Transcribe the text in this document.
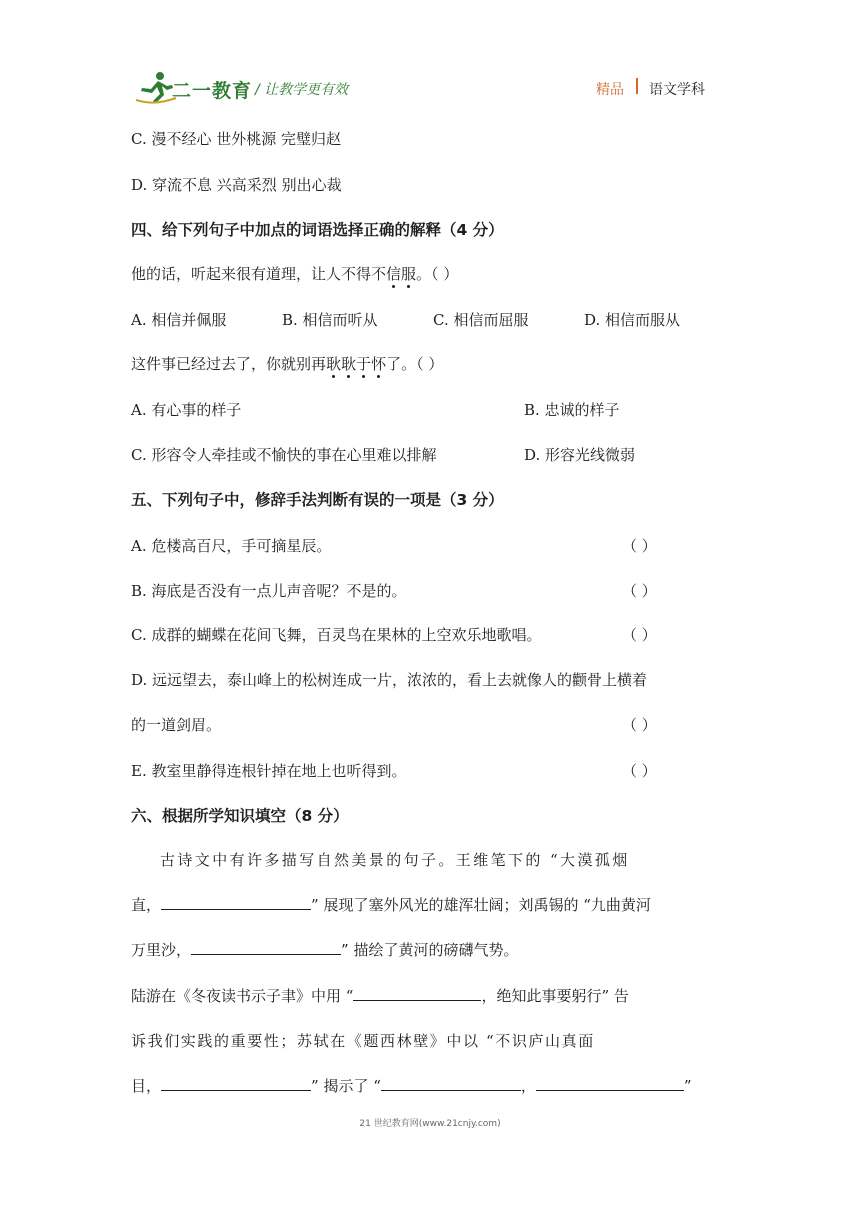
二一教育 / 让教学更有效	精品 语文学科
C. 漫不经心 世外桃源 完璧归赵
D. 穿流不息 兴高采烈 别出心裁
四、给下列句子中加点的词语选择正确的解释（4 分）
他的话，听起来很有道理，让人不得不信服。（ ）
A. 相信并佩服	B. 相信而听从	C. 相信而屈服	D. 相信而服从
这件事已经过去了，你就别再耿耿于怀了。（ ）
A. 有心事的样子	B. 忠诚的样子
C. 形容令人牵挂或不愉快的事在心里难以排解	D. 形容光线微弱
五、下列句子中，修辞手法判断有误的一项是（3 分）
A. 危楼高百尺，手可摘星辰。	（ ）
B. 海底是否没有一点儿声音呢？不是的。	（ ）
C. 成群的蝴蝶在花间飞舞，百灵鸟在果林的上空欢乐地歌唱。	（ ）
D. 远远望去，泰山峰上的松树连成一片，浓浓的，看上去就像人的颧骨上横着
的一道剑眉。	（ ）
E. 教室里静得连根针掉在地上也听得到。	（ ）
六、根据所学知识填空（8 分）
古诗文中有许多描写自然美景的句子。王维笔下的 “大漠孤烟
直，	” 展现了塞外风光的雄浑壮阔；刘禹锡的 “九曲黄河
万里沙，	” 描绘了黄河的磅礴气势。
陆游在《冬夜读书示子聿》中用 “	，绝知此事要躬行” 告
诉我们实践的重要性；苏轼在《题西林壁》中以 “不识庐山真面
目，	” 揭示了 “	，	”
21 世纪教育网(www.21cnjy.com)
